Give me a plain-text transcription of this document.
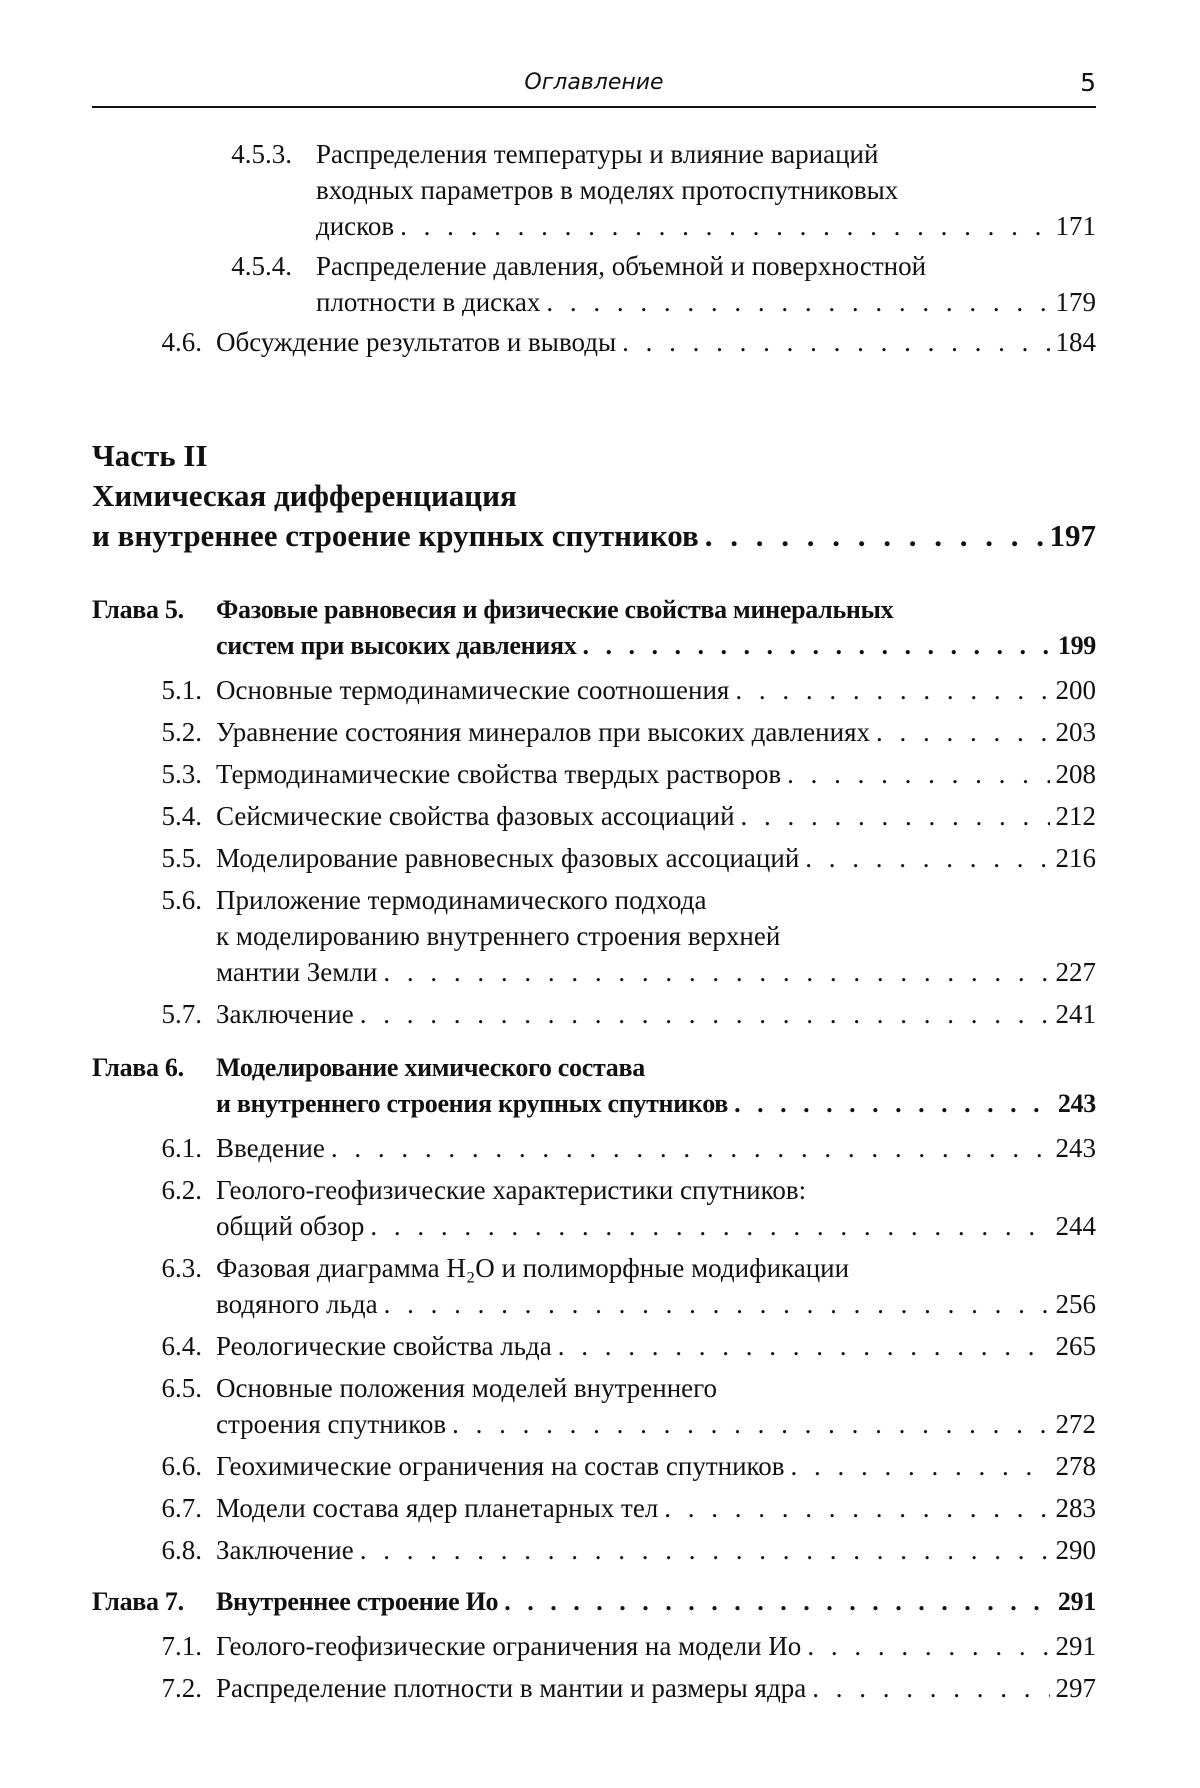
Оглавление	5
4.5.3. Распределения температуры и влияние вариаций
входных параметров в моделях протоспутниковых
дисков . . .	171
4.5.4. Распределение давления, объемной и поверхностной
плотности в дисках . . .	179
4.6. Обсуждение результатов и выводы . . .	184
Часть II
Химическая дифференциация
и внутреннее строение крупных спутников . . .	197
Глава 5. Фазовые равновесия и физические свойства минеральных
систем при высоких давлениях . . .	199
5.1. Основные термодинамические соотношения . . .	200
5.2. Уравнение состояния минералов при высоких давлениях . . .	203
5.3. Термодинамические свойства твердых растворов . . .	208
5.4. Сейсмические свойства фазовых ассоциаций . . .	212
5.5. Моделирование равновесных фазовых ассоциаций . . .	216
5.6. Приложение термодинамического подхода
к моделированию внутреннего строения верхней
мантии Земли . . .	227
5.7. Заключение . . .	241
Глава 6. Моделирование химического состава
и внутреннего строения крупных спутников . . .	243
6.1. Введение . . .	243
6.2. Геолого-геофизические характеристики спутников:
общий обзор . . .	244
6.3. Фазовая диаграмма H₂O и полиморфные модификации
водяного льда . . .	256
6.4. Реологические свойства льда . . .	265
6.5. Основные положения моделей внутреннего
строения спутников . . .	272
6.6. Геохимические ограничения на состав спутников . . .	278
6.7. Модели состава ядер планетарных тел . . .	283
6.8. Заключение . . .	290
Глава 7. Внутреннее строение Ио . . .	291
7.1. Геолого-геофизические ограничения на модели Ио . . .	291
7.2. Распределение плотности в мантии и размеры ядра . . .	297
